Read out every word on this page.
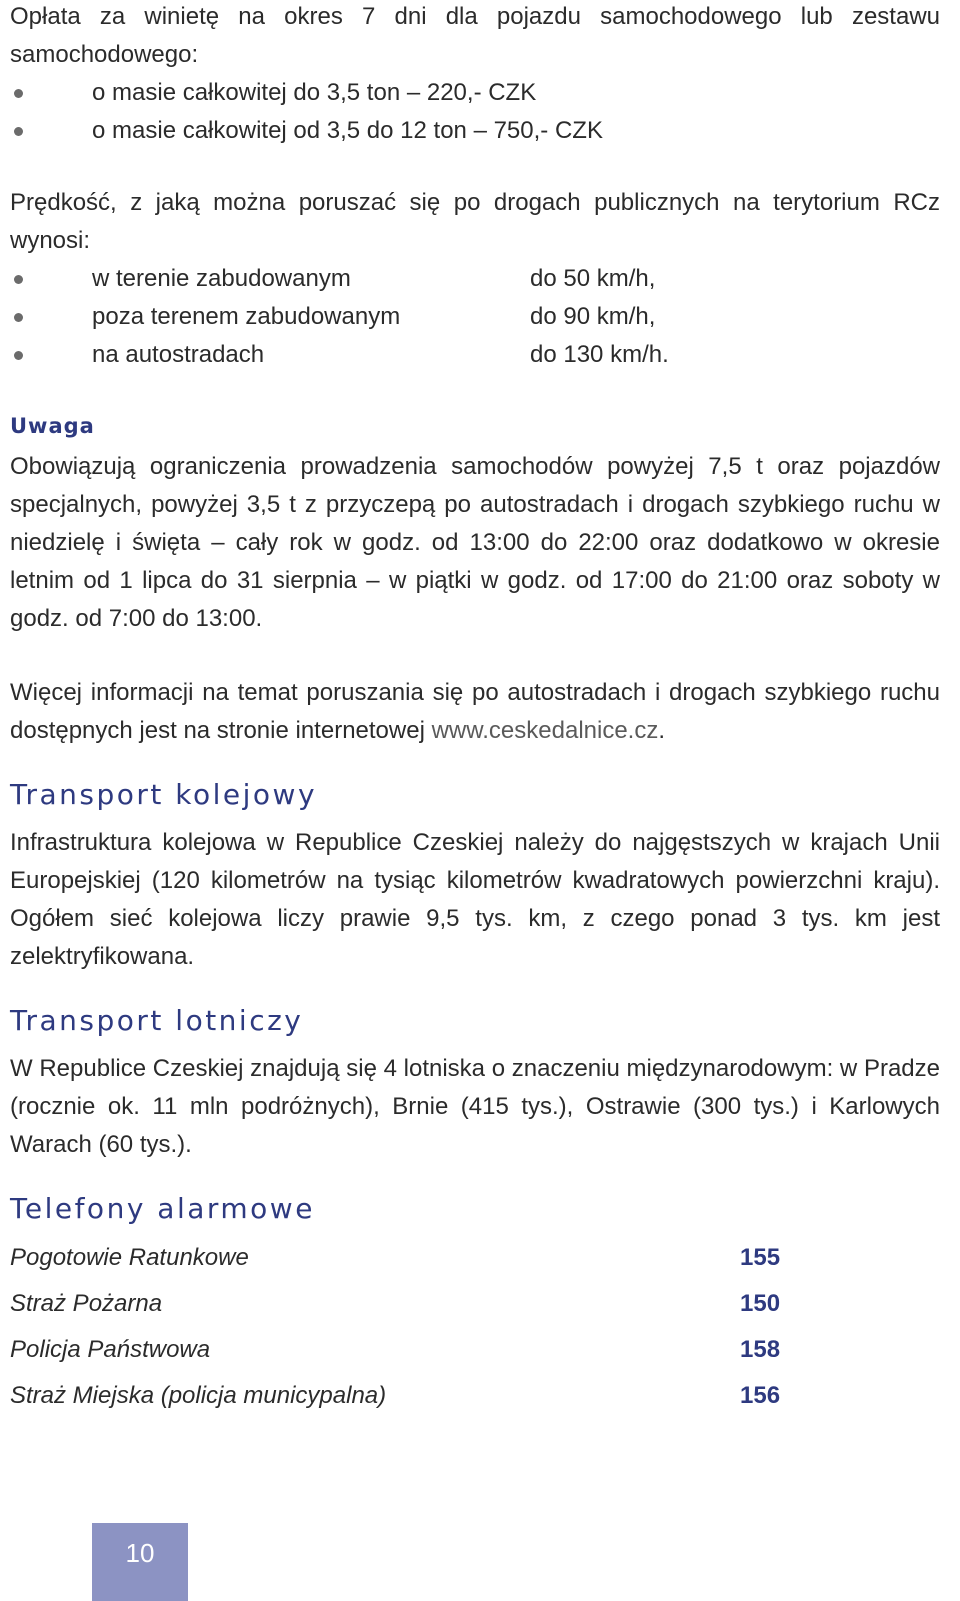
Opłata za winietę na okres 7 dni dla pojazdu samochodowego lub zestawu samochodowego:

o masie całkowitej do 3,5 ton – 220,- CZK
o masie całkowitej od 3,5 do 12 ton – 750,- CZK

Prędkość, z jaką można poruszać się po drogach publicznych na terytorium RCz wynosi:

w terenie zabudowanym	do 50 km/h,
poza terenem zabudowanym	do 90 km/h,
na autostradach	do 130 km/h.

Uwaga

Obowiązują ograniczenia prowadzenia samochodów powyżej 7,5 t oraz pojazdów specjalnych, powyżej 3,5 t z przyczepą po autostradach i drogach szybkiego ruchu w niedzielę i święta – cały rok w godz. od 13:00 do 22:00 oraz dodatkowo w okresie letnim od 1 lipca do 31 sierpnia – w piątki w godz. od 17:00 do 21:00 oraz soboty w godz. od 7:00 do 13:00.

Więcej informacji na temat poruszania się po autostradach i drogach szybkiego ruchu dostępnych jest na stronie internetowej www.ceskedalnice.cz.

Transport kolejowy

Infrastruktura kolejowa w Republice Czeskiej należy do najgęstszych w krajach Unii Europejskiej (120 kilometrów na tysiąc kilometrów kwadratowych powierzchni kraju). Ogółem sieć kolejowa liczy prawie 9,5 tys. km, z czego ponad 3 tys. km jest zelektryfikowana.

Transport lotniczy

W Republice Czeskiej znajdują się 4 lotniska o znaczeniu międzynarodowym: w Pradze (rocznie ok. 11 mln podróżnych), Brnie (415 tys.), Ostrawie (300 tys.) i Karlowych Warach (60 tys.).

Telefony alarmowe

Pogotowie Ratunkowe	155
Straż Pożarna	150
Policja Państwowa	158
Straż Miejska (policja municypalna)	156
10
